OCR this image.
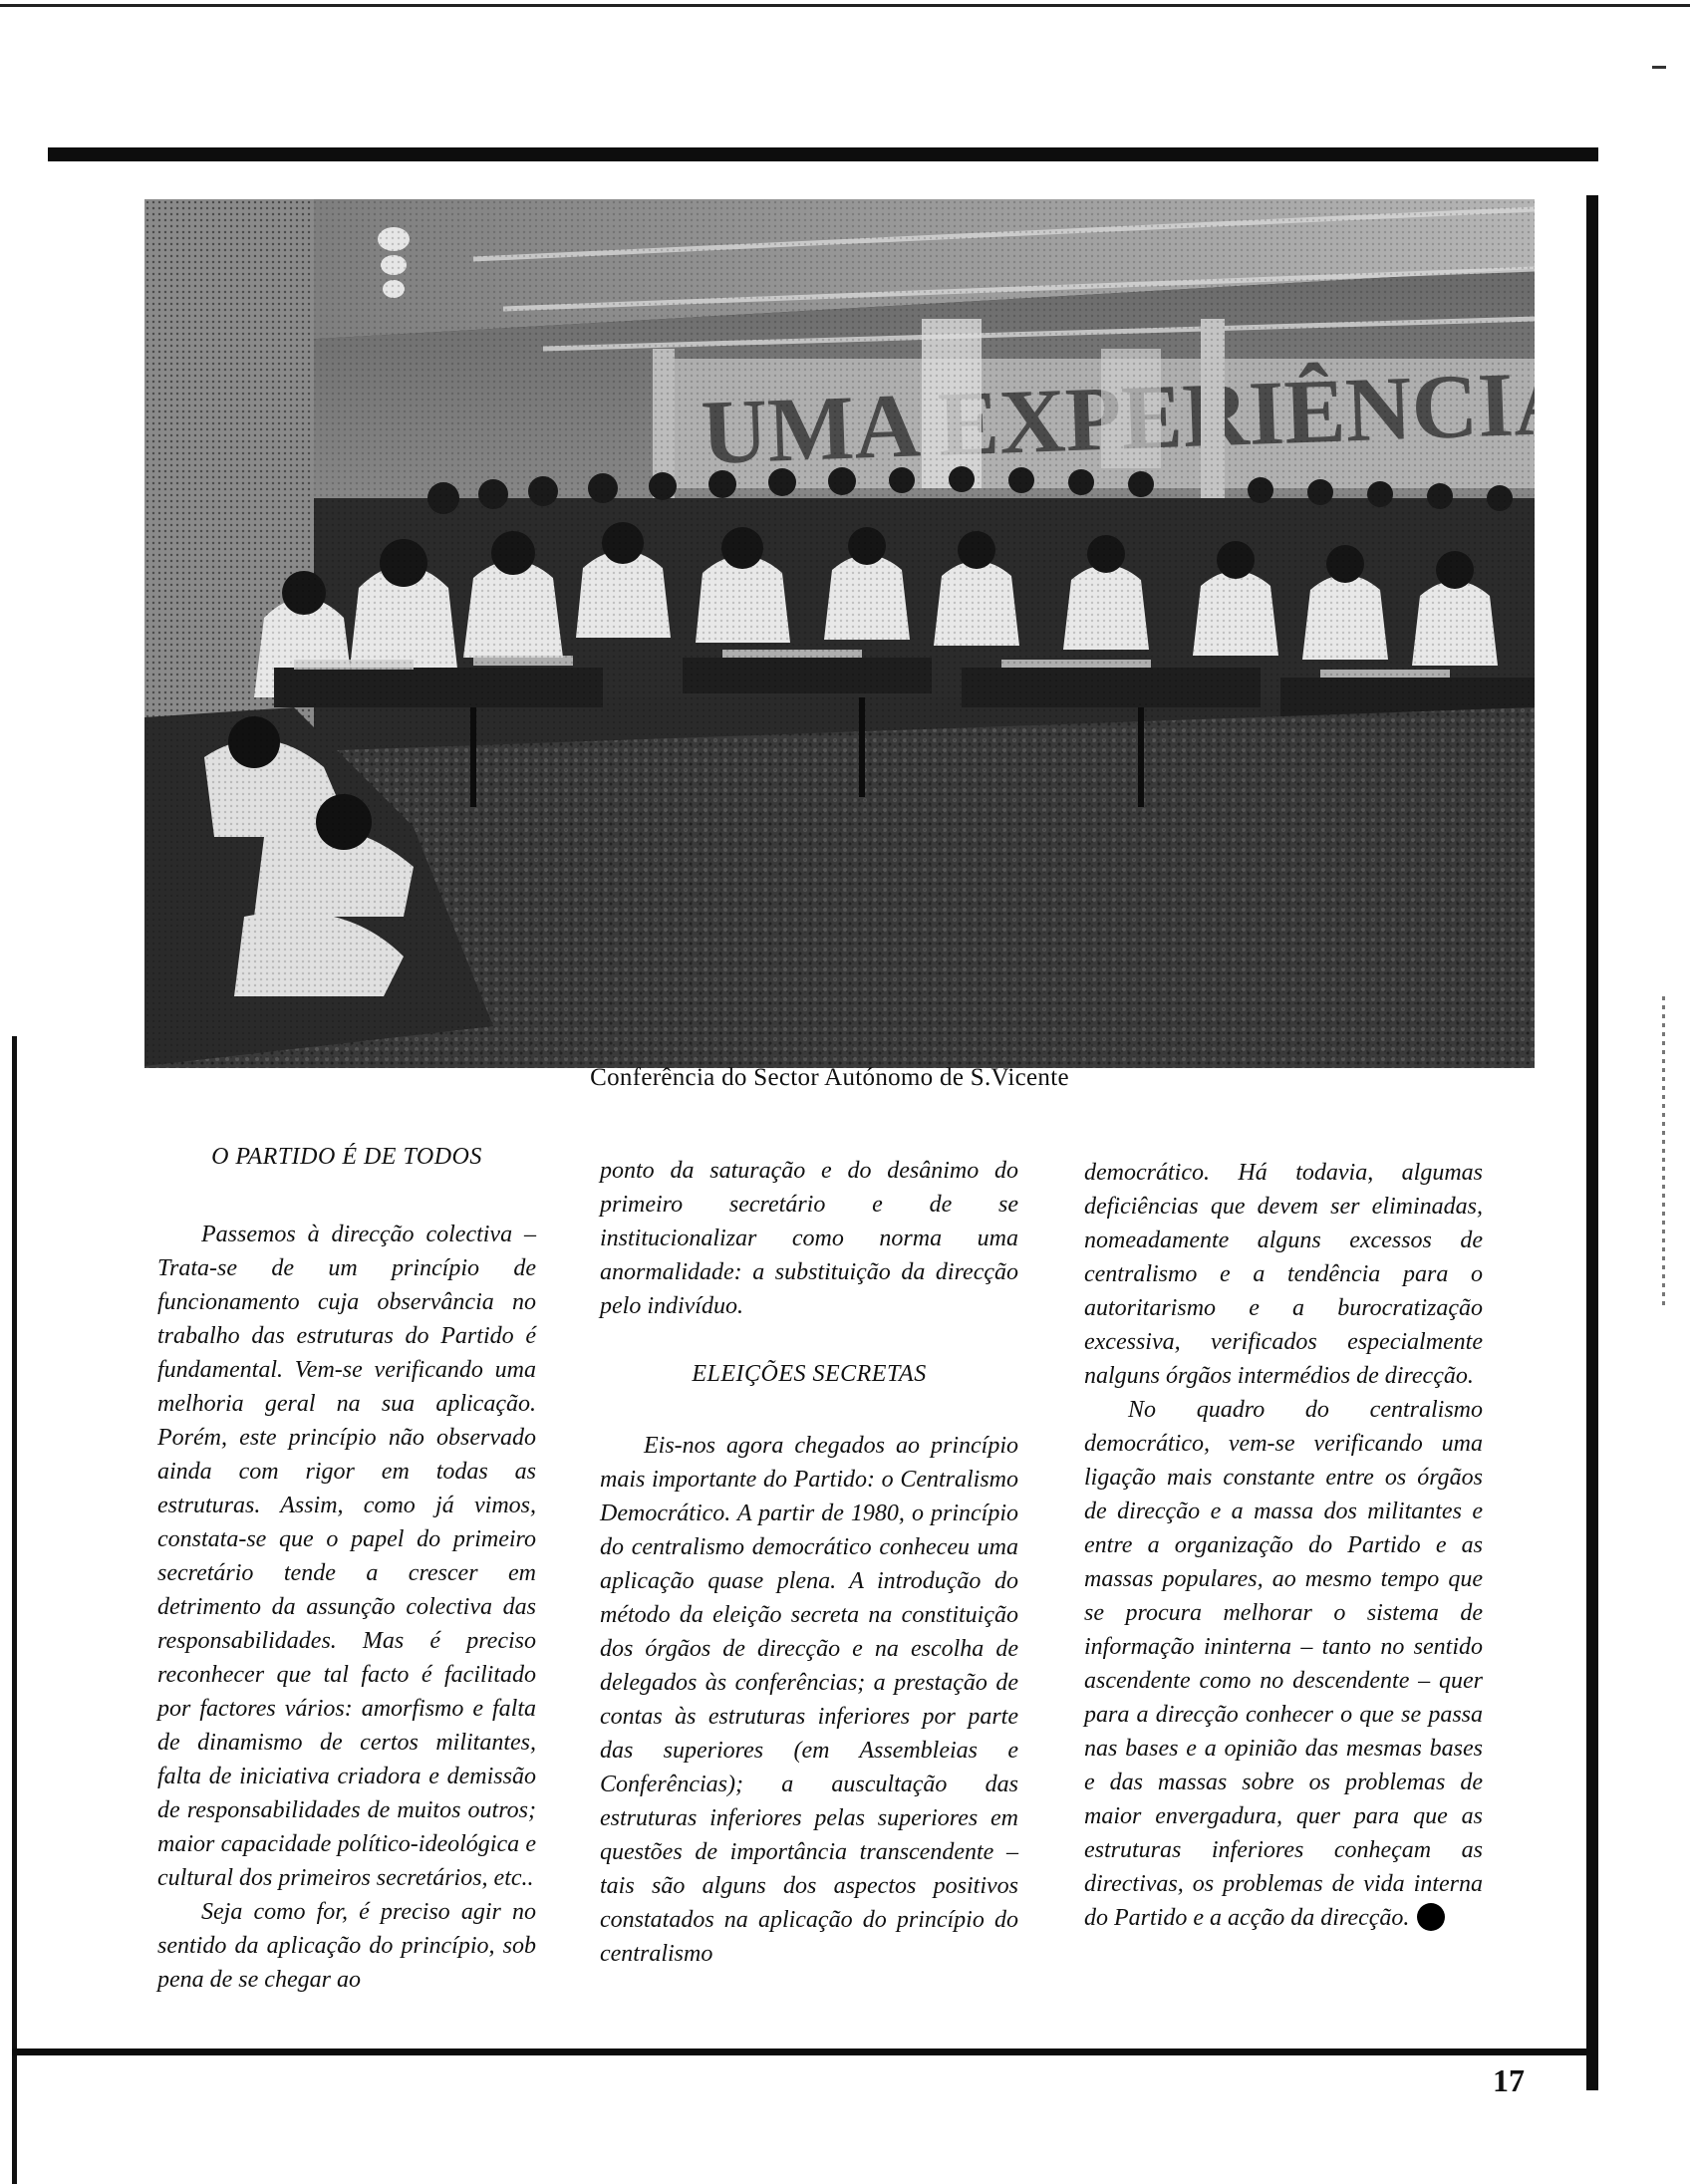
Conferência do Sector Autónomo de S.Vicente

O PARTIDO É DE TODOS

Passemos à direcção colectiva – Trata-se de um princípio de funcionamento cuja observância no trabalho das estruturas do Partido é fundamental. Vem-se verificando uma melhoria geral na sua aplicação. Porém, este princípio não observado ainda com rigor em todas as estruturas. Assim, como já vimos, constata-se que o papel do primeiro secretário tende a crescer em detrimento da assunção colectiva das responsabilidades. Mas é preciso reconhecer que tal facto é facilitado por factores vários: amorfismo e falta de dinamismo de certos militantes, falta de iniciativa criadora e demissão de responsabilidades de muitos outros; maior capacidade político-ideológica e cultural dos primeiros secretários, etc..

Seja como for, é preciso agir no sentido da aplicação do princípio, sob pena de se chegar ao

ponto da saturação e do desânimo do primeiro secretário e de se institucionalizar como norma uma anormalidade: a substituição da direcção pelo indivíduo.

ELEIÇÕES SECRETAS

Eis-nos agora chegados ao princípio mais importante do Partido: o Centralismo Democrático. A partir de 1980, o princípio do centralismo democrático conheceu uma aplicação quase plena. A introdução do método da eleição secreta na constituição dos órgãos de direcção e na escolha de delegados às conferências; a prestação de contas às estruturas inferiores por parte das superiores (em Assembleias e Conferências); a auscultação das estruturas inferiores pelas superiores em questões de importância transcendente – tais são alguns dos aspectos positivos constatados na aplicação do princípio do centralismo

democrático. Há todavia, algumas deficiências que devem ser eliminadas, nomeadamente alguns excessos de centralismo e a tendência para o autoritarismo e a burocratização excessiva, verificados especialmente nalguns órgãos intermédios de direcção.

No quadro do centralismo democrático, vem-se verificando uma ligação mais constante entre os órgãos de direcção e a massa dos militantes e entre a organização do Partido e as massas populares, ao mesmo tempo que se procura melhorar o sistema de informação ininterna – tanto no sentido ascendente como no descendente – quer para a direcção conhecer o que se passa nas bases e a opinião das mesmas bases e das massas sobre os problemas de maior envergadura, quer para que as estruturas inferiores conheçam as directivas, os problemas de vida interna do Partido e a acção da direcção.

17
